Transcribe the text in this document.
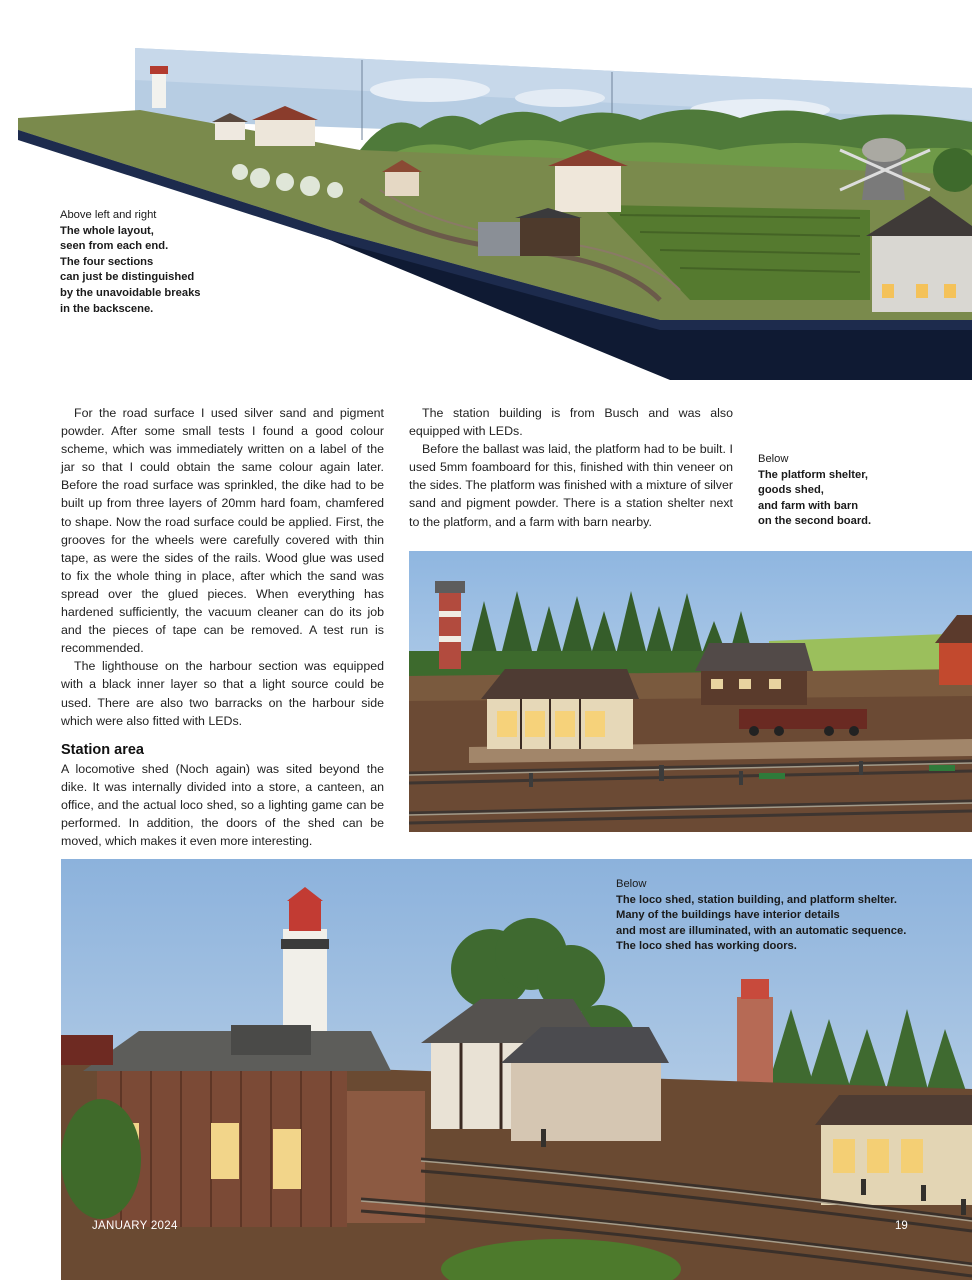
Above left and right
The whole layout,
seen from each end.
The four sections
can just be distinguished
by the unavoidable breaks
in the backscene.

For the road surface I used silver sand and pigment powder. After some small tests I found a good colour scheme, which was immediately written on a label of the jar so that I could obtain the same colour again later. Before the road surface was sprinkled, the dike had to be built up from three layers of 20mm hard foam, chamfered to shape. Now the road surface could be applied. First, the grooves for the wheels were carefully covered with thin tape, as were the sides of the rails. Wood glue was used to fix the whole thing in place, after which the sand was spread over the glued pieces. When everything has hardened sufficiently, the vacuum cleaner can do its job and the pieces of tape can be removed. A test run is recommended.

The lighthouse on the harbour section was equipped with a black inner layer so that a light source could be used. There are also two barracks on the harbour side which were also fitted with LEDs.

Station area

A locomotive shed (Noch again) was sited beyond the dike. It was internally divided into a store, a canteen, an office, and the actual loco shed, so a lighting game can be performed. In addition, the doors of the shed can be moved, which makes it even more interesting.

The station building is from Busch and was also equipped with LEDs.

Before the ballast was laid, the platform had to be built. I used 5mm foamboard for this, finished with thin veneer on the sides. The platform was finished with a mixture of silver sand and pigment powder. There is a station shelter next to the platform, and a farm with barn nearby.

Below
The platform shelter,
goods shed,
and farm with barn
on the second board.
Below
The loco shed, station building, and platform shelter.
Many of the buildings have interior details
and most are illuminated, with an automatic sequence.
The loco shed has working doors.
JANUARY 2024	19
